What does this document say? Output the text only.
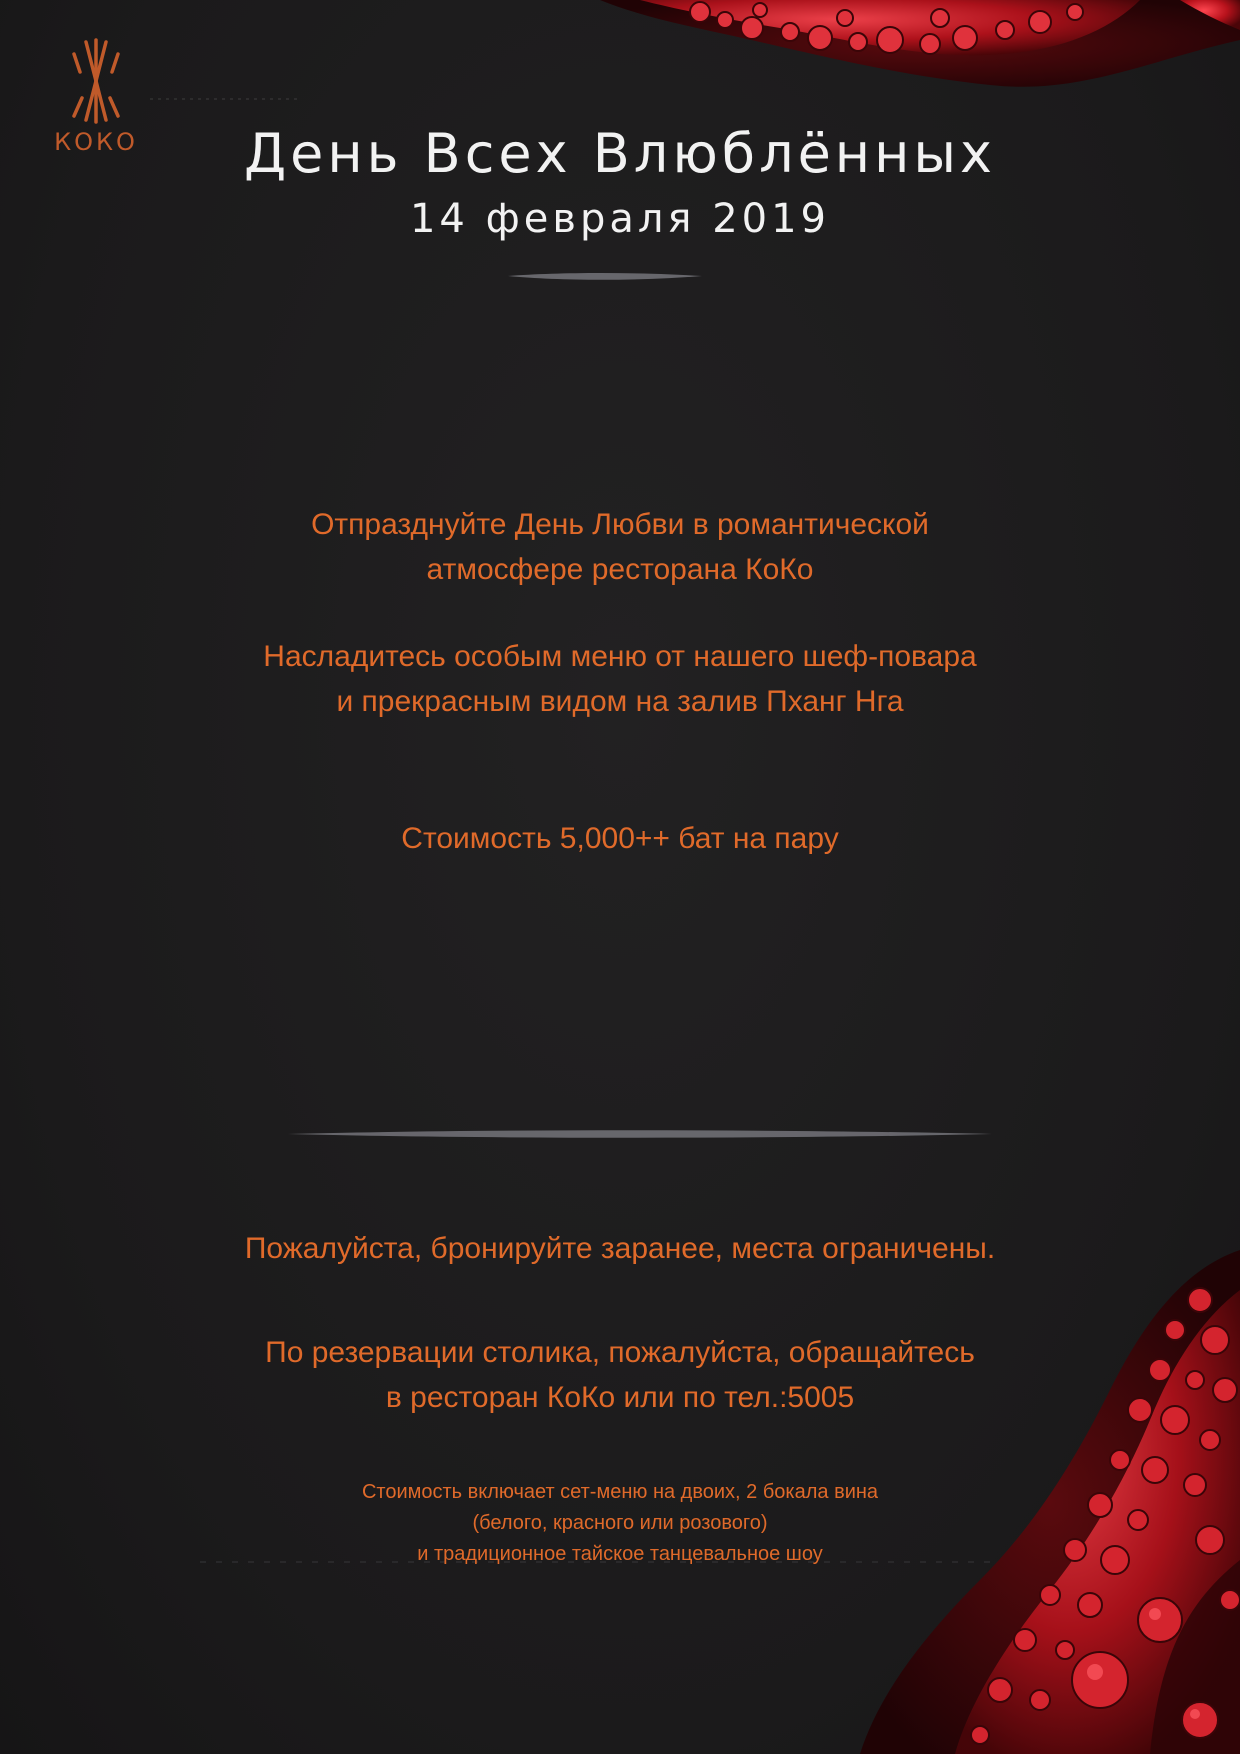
КОКО	День Всех Влюблённых
14 февраля 2019
Отпразднуйте День Любви в романтической
атмосфере ресторана КоКо
Насладитесь особым меню от нашего шеф-повара
и прекрасным видом на залив Пханг Нга
Стоимость 5,000++ бат на пару
Пожалуйста, бронируйте заранее, места ограничены.
По резервации столика, пожалуйста, обращайтесь
в ресторан КоКо или по тел.:5005
Стоимость включает сет-меню на двоих, 2 бокала вина
(белого, красного или розового)
и традиционное тайское танцевальное шоу
